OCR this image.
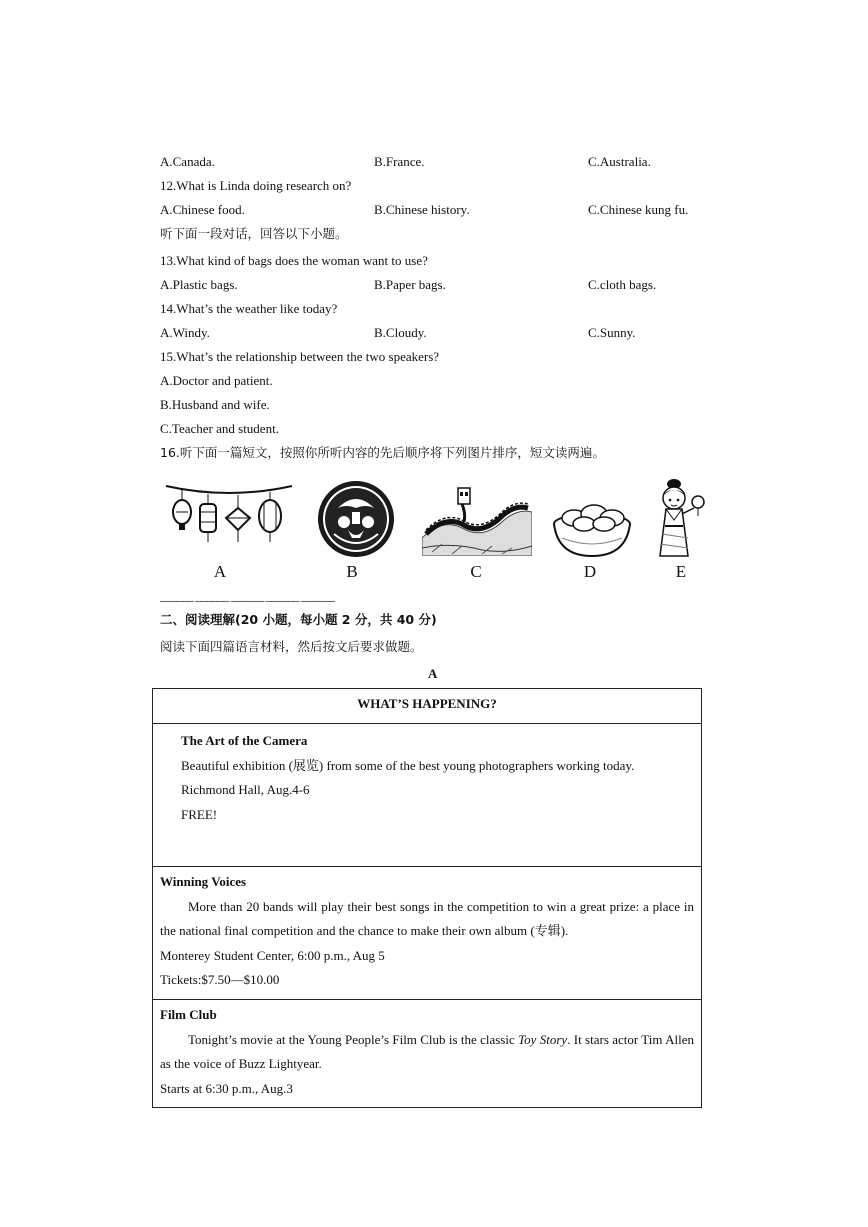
A.Canada.	B.France.	C.Australia.
12.What is Linda doing research on?
A.Chinese food.	B.Chinese history.	C.Chinese kung fu.
听下面一段对话，回答以下小题。
13.What kind of bags does the woman want to use?
A.Plastic bags.	B.Paper bags.	C.cloth bags.
14.What’s the weather like today?
A.Windy.	B.Cloudy.	C.Sunny.
15.What’s the relationship between the two speakers?
A.Doctor and patient.
B.Husband and wife.
C.Teacher and student.
16.听下面一篇短文，按照你所听内容的先后顺序将下列图片排序，短文读两遍。
A	B	C	D	E
______ ______ ______ ______ ______
二、阅读理解(20 小题，每小题 2 分，共 40 分)
阅读下面四篇语言材料，然后按文后要求做题。
A
WHAT’S HAPPENING?

The Art of the Camera
Beautiful exhibition (展览) from some of the best young photographers working today.
Richmond Hall, Aug.4-6
FREE!

Winning Voices
More than 20 bands will play their best songs in the competition to win a great prize: a place in the national final competition and the chance to make their own album (专辑).
Monterey Student Center, 6:00 p.m., Aug 5
Tickets:$7.50—$10.00

Film Club
Tonight’s movie at the Young People’s Film Club is the classic Toy Story. It stars actor Tim Allen as the voice of Buzz Lightyear.
Starts at 6:30 p.m., Aug.3
